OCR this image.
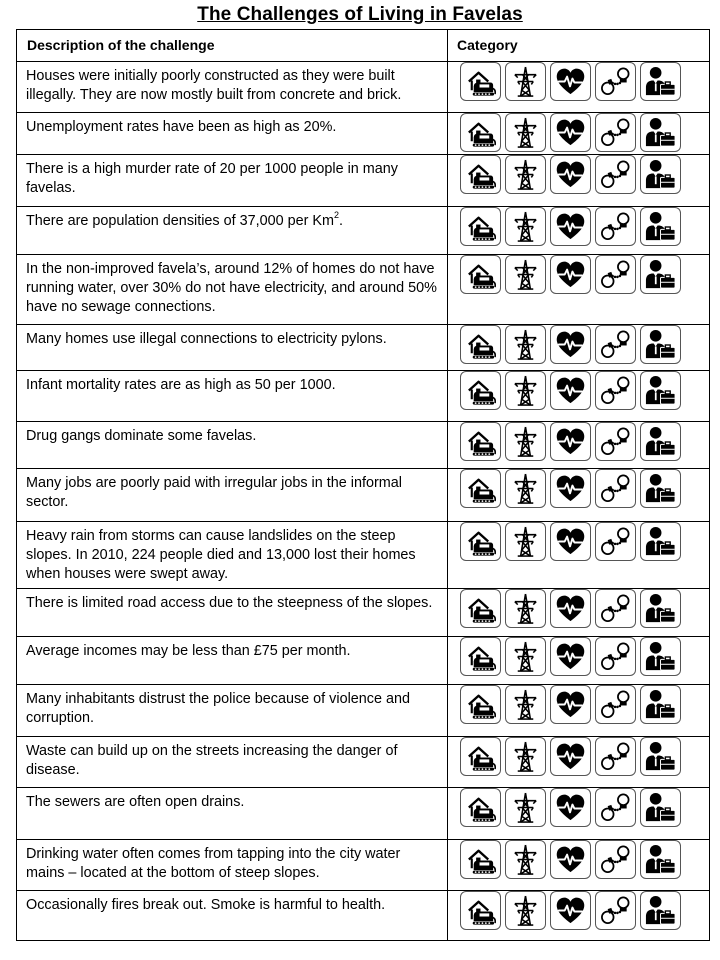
The Challenges of Living in Favelas
Description of the challenge	Category

Houses were initially poorly constructed as they were built illegally. They are now mostly built from concrete and brick.

Unemployment rates have been as high as 20%.

There is a high murder rate of 20 per 1000 people in many favelas.

There are population densities of 37,000 per Km$^2$.

In the non-improved favela’s, around 12% of homes do not have running water, over 30% do not have electricity, and around 50% have no sewage connections.

Many homes use illegal connections to electricity pylons.

Infant mortality rates are as high as 50 per 1000.

Drug gangs dominate some favelas.

Many jobs are poorly paid with irregular jobs in the informal sector.

Heavy rain from storms can cause landslides on the steep slopes. In 2010, 224 people died and 13,000 lost their homes when houses were swept away.

There is limited road access due to the steepness of the slopes.

Average incomes may be less than £75 per month.

Many inhabitants distrust the police because of violence and corruption.

Waste can build up on the streets increasing the danger of disease.

The sewers are often open drains.

Drinking water often comes from tapping into the city water mains – located at the bottom of steep slopes.

Occasionally fires break out. Smoke is harmful to health.
